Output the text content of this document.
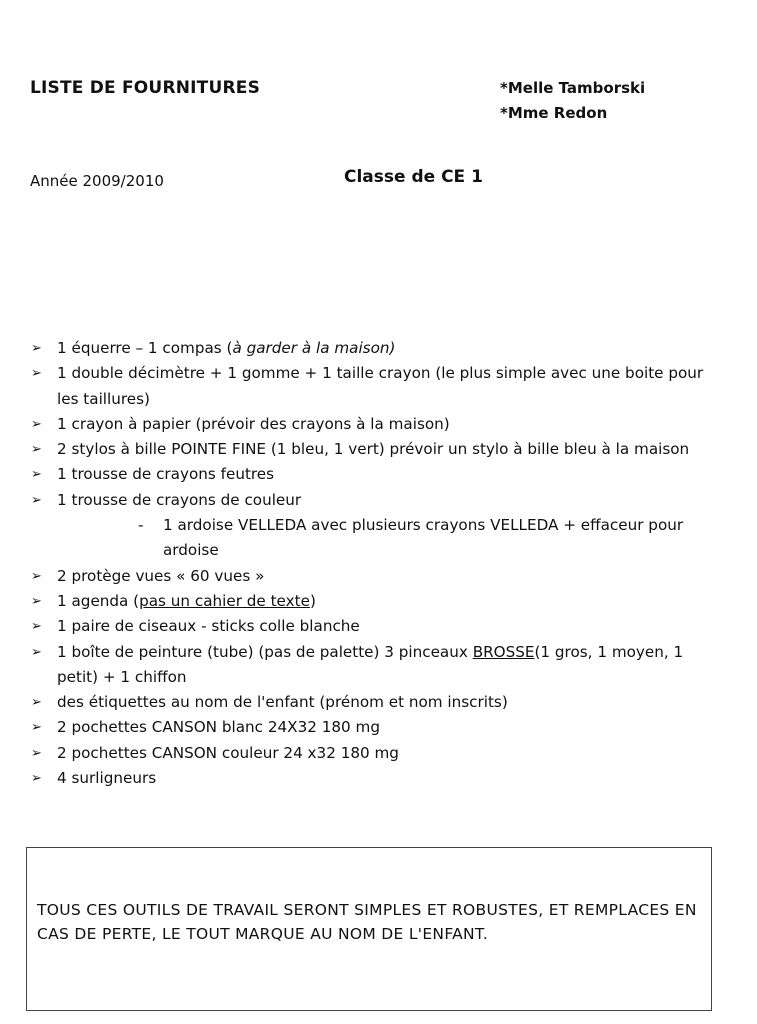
LISTE DE FOURNITURES	*Melle Tamborski
*Mme Redon
Année 2009/2010	Classe de CE 1
➢ 1 équerre – 1 compas (à garder à la maison)
➢ 1 double décimètre + 1 gomme + 1 taille crayon (le plus simple avec une boite pour les taillures)
➢ 1 crayon à papier (prévoir des crayons à la maison)
➢ 2 stylos à bille POINTE FINE (1 bleu, 1 vert) prévoir un stylo à bille bleu à la maison
➢ 1 trousse de crayons feutres
➢ 1 trousse de crayons de couleur
- 1 ardoise VELLEDA avec plusieurs crayons VELLEDA + effaceur pour ardoise
➢ 2 protège vues « 60 vues »
➢ 1 agenda (pas un cahier de texte)
➢ 1 paire de ciseaux - sticks colle blanche
➢ 1 boîte de peinture (tube) (pas de palette) 3 pinceaux BROSSE(1 gros, 1 moyen, 1 petit) + 1 chiffon
➢ des étiquettes au nom de l'enfant (prénom et nom inscrits)
➢ 2 pochettes CANSON blanc 24X32 180 mg
➢ 2 pochettes CANSON couleur 24 x32 180 mg
➢ 4 surligneurs
TOUS CES OUTILS DE TRAVAIL SERONT SIMPLES ET ROBUSTES, ET REMPLACES EN CAS DE PERTE, LE TOUT MARQUE AU NOM DE L'ENFANT.
